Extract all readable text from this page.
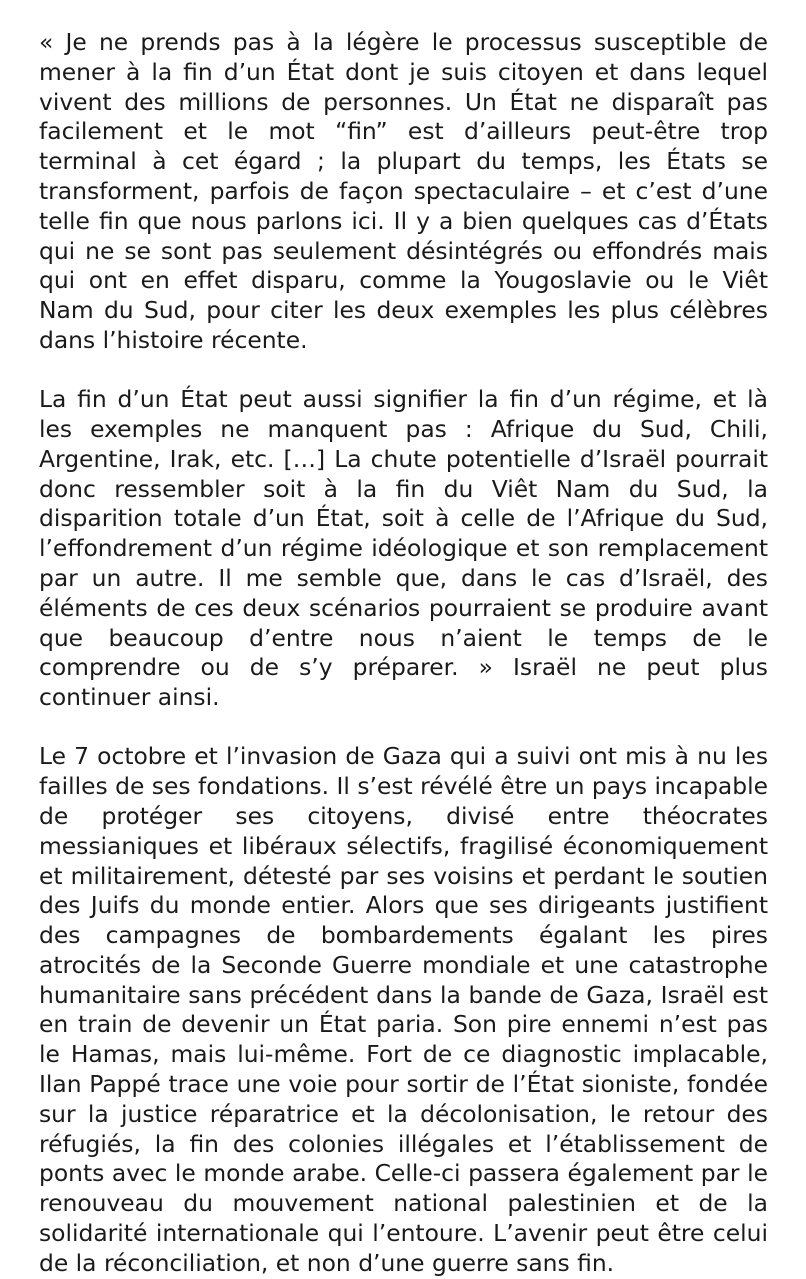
« Je ne prends pas à la légère le processus susceptible de mener à la fin d’un État dont je suis citoyen et dans lequel vivent des millions de personnes. Un État ne disparaît pas facilement et le mot “fin” est d’ailleurs peut-être trop terminal à cet égard ; la plupart du temps, les États se transforment, parfois de façon spectaculaire – et c’est d’une telle fin que nous parlons ici. Il y a bien quelques cas d’États qui ne se sont pas seulement désintégrés ou effondrés mais qui ont en effet disparu, comme la Yougoslavie ou le Viêt Nam du Sud, pour citer les deux exemples les plus célèbres dans l’histoire récente.

La fin d’un État peut aussi signifier la fin d’un régime, et là les exemples ne manquent pas : Afrique du Sud, Chili, Argentine, Irak, etc. […] La chute potentielle d’Israël pourrait donc ressembler soit à la fin du Viêt Nam du Sud, la disparition totale d’un État, soit à celle de l’Afrique du Sud, l’effondrement d’un régime idéologique et son remplacement par un autre. Il me semble que, dans le cas d’Israël, des éléments de ces deux scénarios pourraient se produire avant que beaucoup d’entre nous n’aient le temps de le comprendre ou de s’y préparer. » Israël ne peut plus continuer ainsi.

Le 7 octobre et l’invasion de Gaza qui a suivi ont mis à nu les failles de ses fondations. Il s’est révélé être un pays incapable de protéger ses citoyens, divisé entre théocrates messianiques et libéraux sélectifs, fragilisé économiquement et militairement, détesté par ses voisins et perdant le soutien des Juifs du monde entier. Alors que ses dirigeants justifient des campagnes de bombardements égalant les pires atrocités de la Seconde Guerre mondiale et une catastrophe humanitaire sans précédent dans la bande de Gaza, Israël est en train de devenir un État paria. Son pire ennemi n’est pas le Hamas, mais lui-même. Fort de ce diagnostic implacable, Ilan Pappé trace une voie pour sortir de l’État sioniste, fondée sur la justice réparatrice et la décolonisation, le retour des réfugiés, la fin des colonies illégales et l’établissement de ponts avec le monde arabe. Celle-ci passera également par le renouveau du mouvement national palestinien et de la solidarité internationale qui l’entoure. L’avenir peut être celui de la réconciliation, et non d’une guerre sans fin.
